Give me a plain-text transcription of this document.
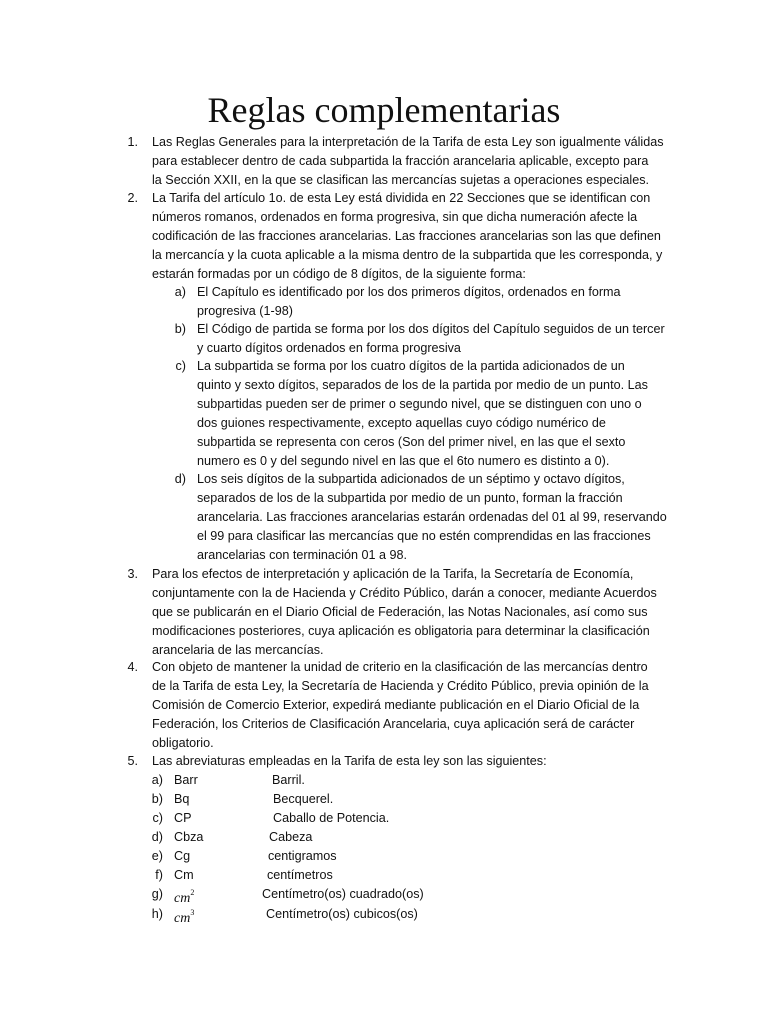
Reglas complementarias
1. Las Reglas Generales para la interpretación de la Tarifa de esta Ley son igualmente válidas
para establecer dentro de cada subpartida la fracción arancelaria aplicable, excepto para
la Sección XXII, en la que se clasifican las mercancías sujetas a operaciones especiales.
2. La Tarifa del artículo 1o. de esta Ley está dividida en 22 Secciones que se identifican con
números romanos, ordenados en forma progresiva, sin que dicha numeración afecte la
codificación de las fracciones arancelarias. Las fracciones arancelarias son las que definen
la mercancía y la cuota aplicable a la misma dentro de la subpartida que les corresponda, y
estarán formadas por un código de 8 dígitos, de la siguiente forma:
a) El Capítulo es identificado por los dos primeros dígitos, ordenados en forma
progresiva (1-98)
b) El Código de partida se forma por los dos dígitos del Capítulo seguidos de un tercer
y cuarto dígitos ordenados en forma progresiva
c) La subpartida se forma por los cuatro dígitos de la partida adicionados de un
quinto y sexto dígitos, separados de los de la partida por medio de un punto. Las
subpartidas pueden ser de primer o segundo nivel, que se distinguen con uno o
dos guiones respectivamente, excepto aquellas cuyo código numérico de
subpartida se representa con ceros (Son del primer nivel, en las que el sexto
numero es 0 y del segundo nivel en las que el 6to numero es distinto a 0).
d) Los seis dígitos de la subpartida adicionados de un séptimo y octavo dígitos,
separados de los de la subpartida por medio de un punto, forman la fracción
arancelaria. Las fracciones arancelarias estarán ordenadas del 01 al 99, reservando
el 99 para clasificar las mercancías que no estén comprendidas en las fracciones
arancelarias con terminación 01 a 98.
3. Para los efectos de interpretación y aplicación de la Tarifa, la Secretaría de Economía,
conjuntamente con la de Hacienda y Crédito Público, darán a conocer, mediante Acuerdos
que se publicarán en el Diario Oficial de Federación, las Notas Nacionales, así como sus
modificaciones posteriores, cuya aplicación es obligatoria para determinar la clasificación
arancelaria de las mercancías.
4. Con objeto de mantener la unidad de criterio en la clasificación de las mercancías dentro
de la Tarifa de esta Ley, la Secretaría de Hacienda y Crédito Público, previa opinión de la
Comisión de Comercio Exterior, expedirá mediante publicación en el Diario Oficial de la
Federación, los Criterios de Clasificación Arancelaria, cuya aplicación será de carácter
obligatorio.
5. Las abreviaturas empleadas en la Tarifa de esta ley son las siguientes:
a) Barr	Barril.
b) Bq	Becquerel.
c) CP	Caballo de Potencia.
d) Cbza	Cabeza
e) Cg	centigramos
f) Cm	centímetros
g) $cm^2$	Centímetro(os) cuadrado(os)
h) $cm^3$	Centímetro(os) cubicos(os)
